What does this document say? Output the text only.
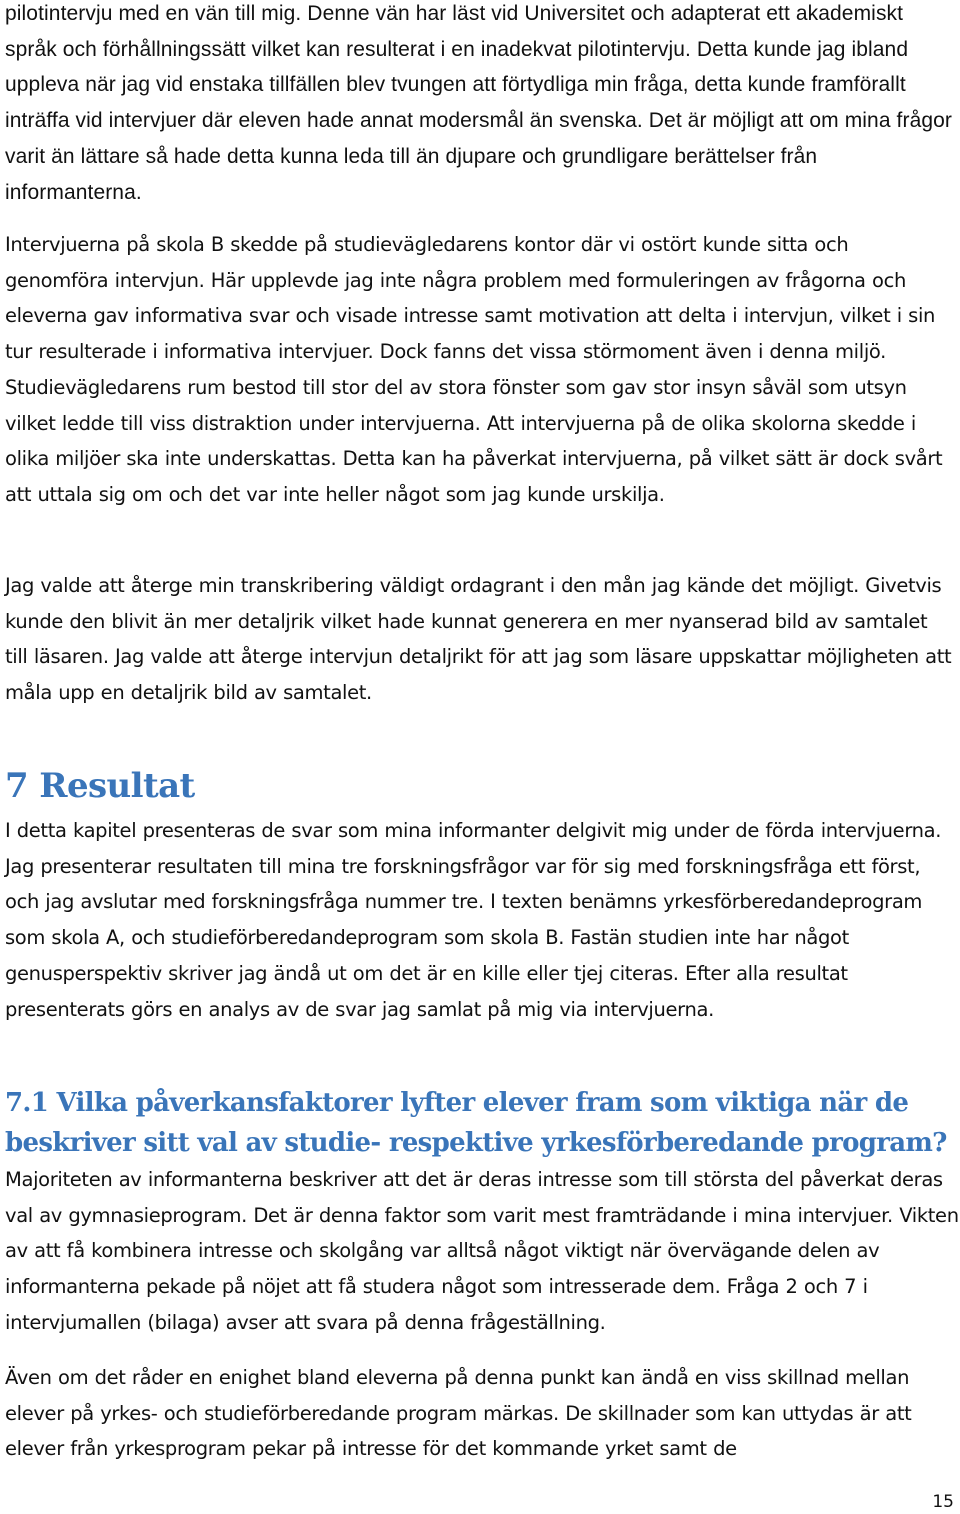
pilotintervju med en vän till mig. Denne vän har läst vid Universitet och adapterat ett akademiskt språk och förhållningssätt vilket kan resulterat i en inadekvat pilotintervju. Detta kunde jag ibland uppleva när jag vid enstaka tillfällen blev tvungen att förtydliga min fråga, detta kunde framförallt inträffa vid intervjuer där eleven hade annat modersmål än svenska. Det är möjligt att om mina frågor varit än lättare så hade detta kunna leda till än djupare och grundligare berättelser från informanterna.

Intervjuerna på skola B skedde på studievägledarens kontor där vi ostört kunde sitta och genomföra intervjun. Här upplevde jag inte några problem med formuleringen av frågorna och eleverna gav informativa svar och visade intresse samt motivation att delta i intervjun, vilket i sin tur resulterade i informativa intervjuer. Dock fanns det vissa störmoment även i denna miljö. Studievägledarens rum bestod till stor del av stora fönster som gav stor insyn såväl som utsyn vilket ledde till viss distraktion under intervjuerna. Att intervjuerna på de olika skolorna skedde i olika miljöer ska inte underskattas. Detta kan ha påverkat intervjuerna, på vilket sätt är dock svårt att uttala sig om och det var inte heller något som jag kunde urskilja.

Jag valde att återge min transkribering väldigt ordagrant i den mån jag kände det möjligt. Givetvis kunde den blivit än mer detaljrik vilket hade kunnat generera en mer nyanserad bild av samtalet till läsaren. Jag valde att återge intervjun detaljrikt för att jag som läsare uppskattar möjligheten att måla upp en detaljrik bild av samtalet.

7 Resultat

I detta kapitel presenteras de svar som mina informanter delgivit mig under de förda intervjuerna. Jag presenterar resultaten till mina tre forskningsfrågor var för sig med forskningsfråga ett först, och jag avslutar med forskningsfråga nummer tre. I texten benämns yrkesförberedandeprogram som skola A, och studieförberedandeprogram som skola B. Fastän studien inte har något genusperspektiv skriver jag ändå ut om det är en kille eller tjej citeras. Efter alla resultat presenterats görs en analys av de svar jag samlat på mig via intervjuerna.

7.1 Vilka påverkansfaktorer lyfter elever fram som viktiga när de beskriver sitt val av studie- respektive yrkesförberedande program?

Majoriteten av informanterna beskriver att det är deras intresse som till största del påverkat deras val av gymnasieprogram. Det är denna faktor som varit mest framträdande i mina intervjuer. Vikten av att få kombinera intresse och skolgång var alltså något viktigt när övervägande delen av informanterna pekade på nöjet att få studera något som intresserade dem. Fråga 2 och 7 i intervjumallen (bilaga) avser att svara på denna frågeställning.

Även om det råder en enighet bland eleverna på denna punkt kan ändå en viss skillnad mellan elever på yrkes- och studieförberedande program märkas. De skillnader som kan uttydas är att elever från yrkesprogram pekar på intresse för det kommande yrket samt de

15
